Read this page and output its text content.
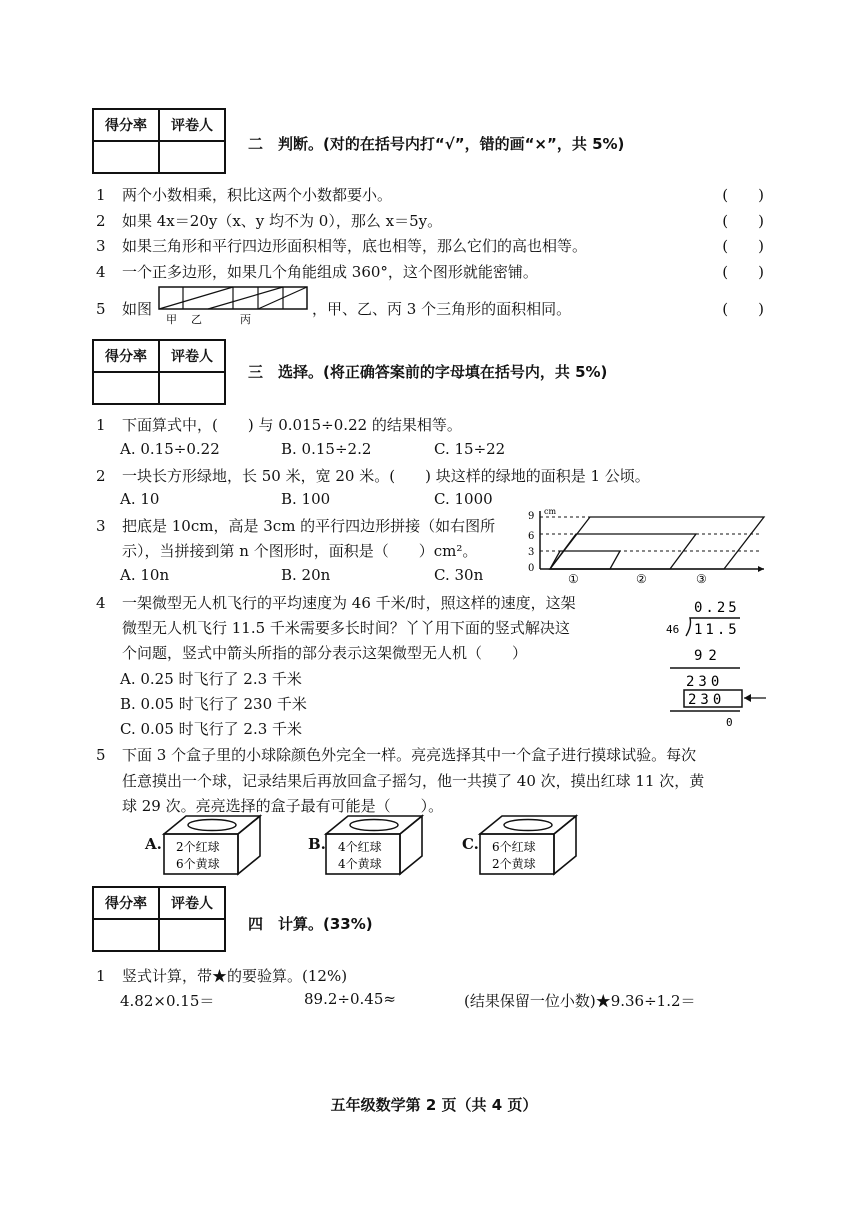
得分率	评卷人

二　判断。(对的在括号内打“√”，错的画“×”，共 5%)
1 两个小数相乘，积比这两个小数都要小。	(　　)
2 如果 4x＝20y（x、y 均不为 0），那么 x＝5y。	(　　)
3 如果三角形和平行四边形面积相等，底也相等，那么它们的高也相等。	(　　)
4 一个正多边形，如果几个角能组成 360°，这个图形就能密铺。	(　　)
5 如图
甲 乙	丙
，甲、乙、丙 3 个三角形的面积相同。	(　　)
得分率	评卷人

三　选择。(将正确答案前的字母填在括号内，共 5%)
1 下面算式中，(　　) 与 0.015÷0.22 的结果相等。
A. 0.15÷0.22	B. 0.15÷2.2	C. 15÷22
2 一块长方形绿地，长 50 米，宽 20 米。(　　) 块这样的绿地的面积是 1 公顷。
A. 10	B. 100	C. 1000
3 把底是 10cm，高是 3cm 的平行四边形拼接（如右图所
示），当拼接到第 n 个图形时，面积是（　　）cm²。
A. 10n	B. 20n	C. 30n
cm
9
6
3
0
①	②	③
4 一架微型无人机飞行的平均速度为 46 千米/时，照这样的速度，这架
微型无人机飞行 11.5 千米需要多长时间？丫丫用下面的竖式解决这
个问题，竖式中箭头所指的部分表示这架微型无人机（　　）
A. 0.25 时飞行了 2.3 千米
B. 0.05 时飞行了 230 千米
C. 0.05 时飞行了 2.3 千米
0.25
46 11.5
92
230
230
0
5 下面 3 个盒子里的小球除颜色外完全一样。亮亮选择其中一个盒子进行摸球试验。每次
任意摸出一个球，记录结果后再放回盒子摇匀，他一共摸了 40 次，摸出红球 11 次，黄
球 29 次。亮亮选择的盒子最有可能是（　　）。
A. 2个红球
6个黄球
B. 4个红球
4个黄球
C. 6个红球
2个黄球
得分率	评卷人

四　计算。(33%)
1 竖式计算，带★的要验算。(12%)
4.82×0.15＝	89.2÷0.45≈	(结果保留一位小数)★9.36÷1.2＝
五年级数学第 2 页（共 4 页）
